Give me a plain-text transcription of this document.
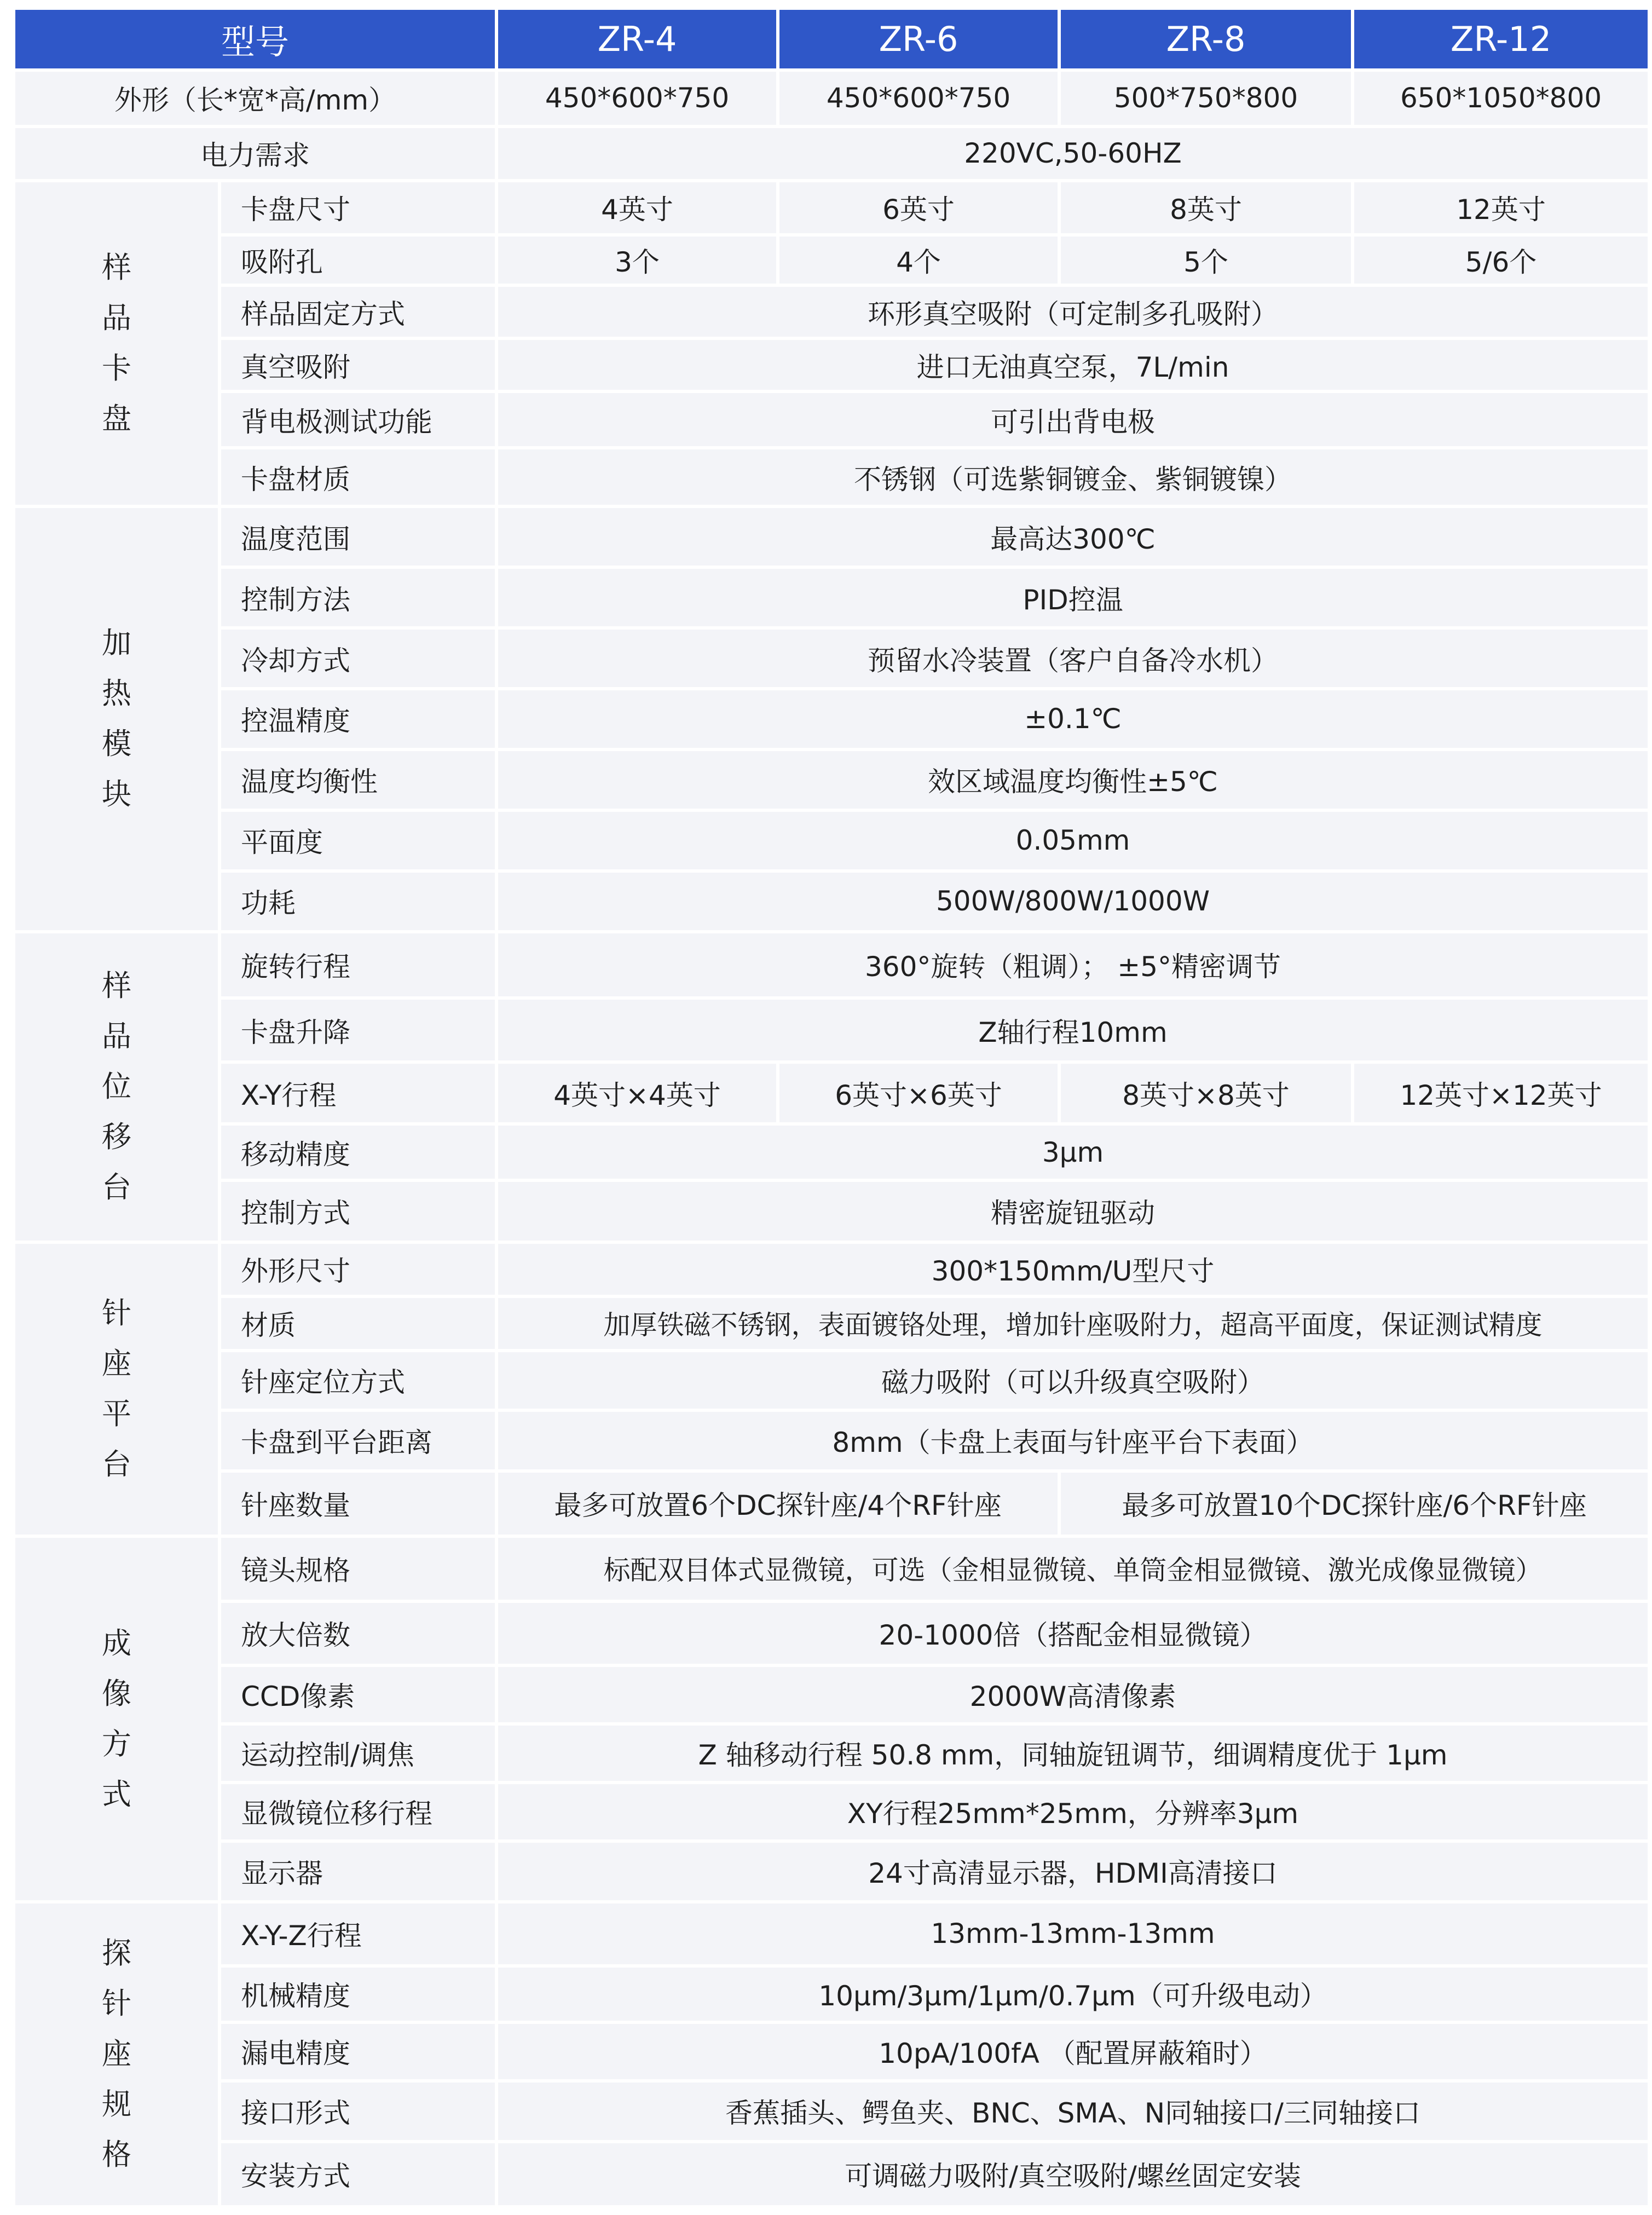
型号		ZR-4	ZR-6	ZR-8	ZR-12
外形（长*宽*高/mm）		450*600*750	450*600*750	500*750*800	650*1050*800
电力需求		220VC,50-60HZ			

样
品
卡
盘	卡盘尺寸	4英寸	6英寸	8英寸	12英寸
	吸附孔	3个	4个	5个	5/6个
	样品固定方式	环形真空吸附（可定制多孔吸附）			
	真空吸附	进口无油真空泵，7L/min			
	背电极测试功能	可引出背电极			
	卡盘材质	不锈钢（可选紫铜镀金、紫铜镀镍）			

加
热
模
块	温度范围	最高达300℃			
	控制方法	PID控温			
	冷却方式	预留水冷装置（客户自备冷水机）			
	控温精度	±0.1℃			
	温度均衡性	效区域温度均衡性±5℃			
	平面度	0.05mm			
	功耗	500W/800W/1000W			

样
品
位
移
台	旋转行程	360°旋转（粗调）； ±5°精密调节			
	卡盘升降	Z轴行程10mm			
	X-Y行程	4英寸×4英寸	6英寸×6英寸	8英寸×8英寸	12英寸×12英寸
	移动精度	3μm			
	控制方式	精密旋钮驱动			

针
座
平
台	外形尺寸	300*150mm/U型尺寸			
	材质	加厚铁磁不锈钢，表面镀铬处理，增加针座吸附力，超高平面度，保证测试精度			
	针座定位方式	磁力吸附（可以升级真空吸附）			
	卡盘到平台距离	8mm（卡盘上表面与针座平台下表面）			
	针座数量	最多可放置6个DC探针座/4个RF针座		最多可放置10个DC探针座/6个RF针座	

成
像
方
式	镜头规格	标配双目体式显微镜，可选（金相显微镜、单筒金相显微镜、激光成像显微镜）			
	放大倍数	20-1000倍（搭配金相显微镜）			
	CCD像素	2000W高清像素			
	运动控制/调焦	Z 轴移动行程 50.8 mm，同轴旋钮调节，细调精度优于 1μm			
	显微镜位移行程	XY行程25mm*25mm，分辨率3μm			
	显示器	24寸高清显示器，HDMI高清接口			

探
针
座
规
格	X-Y-Z行程	13mm-13mm-13mm			
	机械精度	10μm/3μm/1μm/0.7μm（可升级电动）			
	漏电精度	10pA/100fA （配置屏蔽箱时）			
	接口形式	香蕉插头、鳄鱼夹、BNC、SMA、N同轴接口/三同轴接口			
	安装方式	可调磁力吸附/真空吸附/螺丝固定安装			
